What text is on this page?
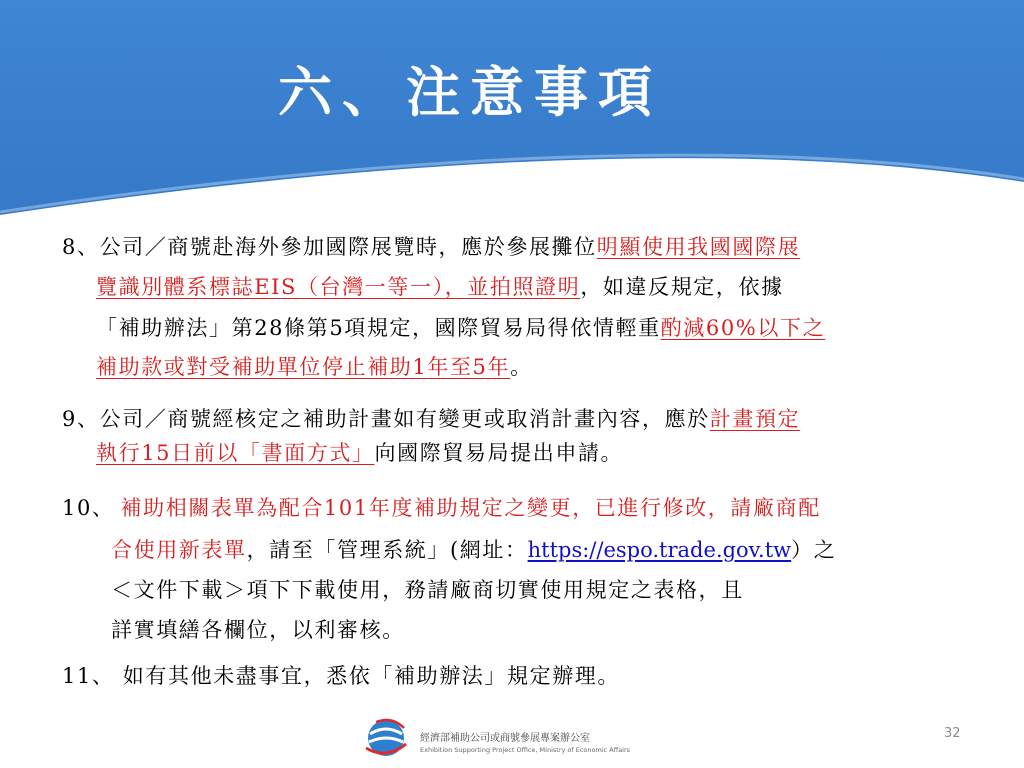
六、注意事項
8、公司／商號赴海外參加國際展覽時，應於參展攤位明顯使用我國國際展
覽識別體系標誌EIS（台灣一等一），並拍照證明，如違反規定，依據
「補助辦法」第28條第5項規定，國際貿易局得依情輕重酌減60%以下之
補助款或對受補助單位停止補助1年至5年。
9、公司／商號經核定之補助計畫如有變更或取消計畫內容，應於計畫預定
執行15日前以「書面方式」向國際貿易局提出申請。
10、 補助相關表單為配合101年度補助規定之變更，已進行修改，請廠商配
合使用新表單，請至「管理系統」(網址：https://espo.trade.gov.tw）之
＜文件下載＞項下下載使用，務請廠商切實使用規定之表格，且
詳實填繕各欄位，以利審核。
11、 如有其他未盡事宜，悉依「補助辦法」規定辦理。
經濟部補助公司或商號參展專案辦公室
Exhibition Supporting Project Office, Ministry of Economic Affairs
32
